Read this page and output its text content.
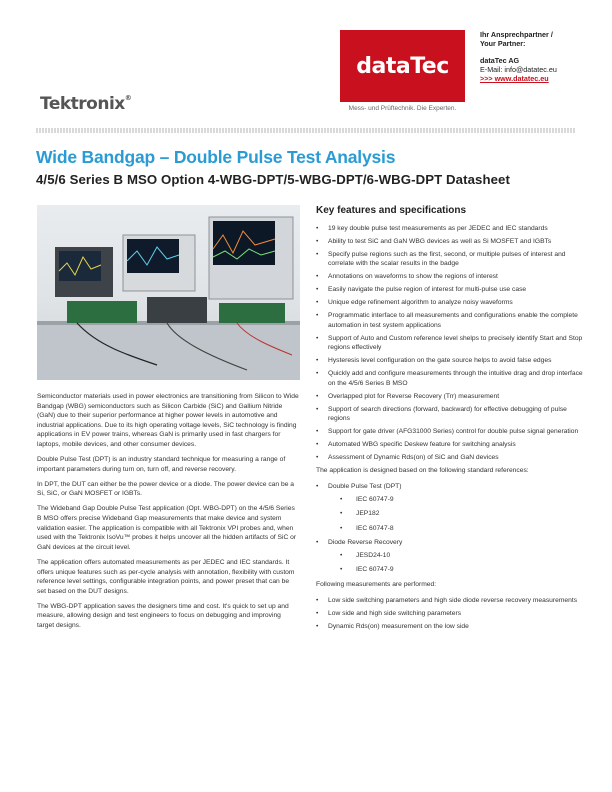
Tektronix®
dataTec
Mess- und Prüftechnik. Die Experten.
Ihr Ansprechpartner /
Your Partner:
dataTec AG
E-Mail: info@datatec.eu
>>> www.datatec.eu
Wide Bandgap – Double Pulse Test Analysis
4/5/6 Series B MSO Option 4-WBG-DPT/5-WBG-DPT/6-WBG-DPT Datasheet

Semiconductor materials used in power electronics are transitioning from Silicon to Wide Bandgap (WBG) semiconductors such as Silicon Carbide (SiC) and Gallium Nitride (GaN) due to their superior performance at higher power levels in automotive and industrial applications. Due to its high operating voltage levels, SiC technology is finding applications in EV power trains, whereas GaN is primarily used in fast chargers for laptops, mobile devices, and other consumer devices.

Double Pulse Test (DPT) is an industry standard technique for measuring a range of important parameters during turn on, turn off, and reverse recovery.

In DPT, the DUT can either be the power device or a diode. The power device can be a Si, SiC, or GaN MOSFET or IGBTs.

The Wideband Gap Double Pulse Test application (Opt. WBG-DPT) on the 4/5/6 Series B MSO offers precise Wideband Gap measurements that make device and system validation easier. The application is compatible with all Tektronix VPI probes and, when used with the Tektronix IsoVu™ probes it helps uncover all the hidden artifacts of SiC or GaN devices at the circuit level.

The application offers automated measurements as per JEDEC and IEC standards. It offers unique features such as per-cycle analysis with annotation, flexibility with custom reference level settings, configurable integration points, and power preset that can be set based on the DUT designs.

The WBG-DPT application saves the designers time and cost. It's quick to set up and measure, allowing design and test engineers to focus on debugging and improving target designs.

Key features and specifications
• 19 key double pulse test measurements as per JEDEC and IEC standards
• Ability to test SiC and GaN WBG devices as well as Si MOSFET and IGBTs
• Specify pulse regions such as the first, second, or multiple pulses of interest and correlate with the scalar results in the badge
• Annotations on waveforms to show the regions of interest
• Easily navigate the pulse region of interest for multi-pulse use case
• Unique edge refinement algorithm to analyze noisy waveforms
• Programmatic interface to all measurements and configurations enable the complete automation in test system applications
• Support of Auto and Custom reference level shelps to precisely identify Start and Stop regions effectively
• Hysteresis level configuration on the gate source helps to avoid false edges
• Quickly add and configure measurements through the intuitive drag and drop interface on the 4/5/6 Series B MSO
• Overlapped plot for Reverse Recovery (Trr) measurement
• Support of search directions (forward, backward) for effective debugging of pulse regions
• Support for gate driver (AFG31000 Series) control for double pulse signal generation
• Automated WBG specific Deskew feature for switching analysis
• Assessment of Dynamic Rds(on) of SiC and GaN devices
The application is designed based on the following standard references:
• Double Pulse Test (DPT)
• IEC 60747-9
• JEP182
• IEC 60747-8
• Diode Reverse Recovery
• JESD24-10
• IEC 60747-9
Following measurements are performed:
• Low side switching parameters and high side diode reverse recovery measurements
• Low side and high side switching parameters
• Dynamic Rds(on) measurement on the low side
